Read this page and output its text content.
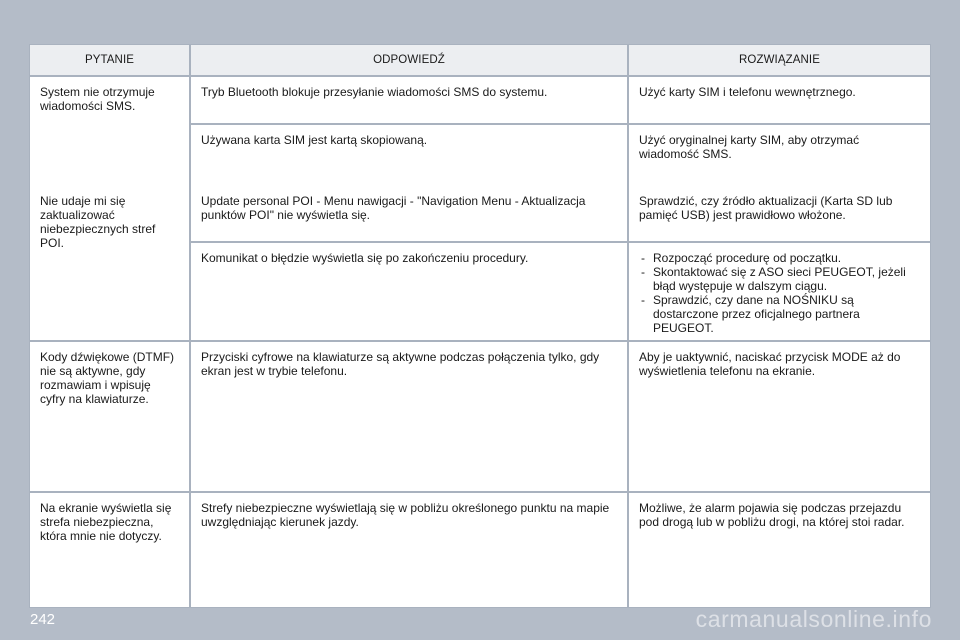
PYTANIE	ODPOWIEDŹ	ROZWIĄZANIE
System nie otrzymuje wiadomości SMS.
Tryb Bluetooth blokuje przesyłanie wiadomości SMS do systemu.	Użyć karty SIM i telefonu wewnętrznego.
Używana karta SIM jest kartą skopiowaną.	Użyć oryginalnej karty SIM, aby otrzymać wiadomość SMS.
Nie udaje mi się zaktualizować niebezpiecznych stref POI.
Update personal POI - Menu nawigacji - "Navigation Menu - Aktualizacja punktów POI" nie wyświetla się.
Sprawdzić, czy źródło aktualizacji (Karta SD lub pamięć USB) jest prawidłowo włożone.
Komunikat o błędzie wyświetla się po zakończeniu procedury.
-	Rozpocząć procedurę od początku.
- Skontaktować się z ASO sieci PEUGEOT, jeżeli błąd występuje w dalszym ciągu.
- Sprawdzić, czy dane na NOŚNIKU są dostarczone przez oficjalnego partnera PEUGEOT.
Kody dźwiękowe (DTMF) nie są aktywne, gdy rozmawiam i wpisuję cyfry na klawiaturze.
Przyciski cyfrowe na klawiaturze są aktywne podczas połączenia tylko, gdy ekran jest w trybie telefonu.
Aby je uaktywnić, naciskać przycisk MODE aż do wyświetlenia telefonu na ekranie.
Na ekranie wyświetla się strefa niebezpieczna, która mnie nie dotyczy.
Strefy niebezpieczne wyświetlają się w pobliżu określonego punktu na mapie uwzględniając kierunek jazdy.
Możliwe, że alarm pojawia się podczas przejazdu pod drogą lub w pobliżu drogi, na której stoi radar.
242	carmanualsonline.info
